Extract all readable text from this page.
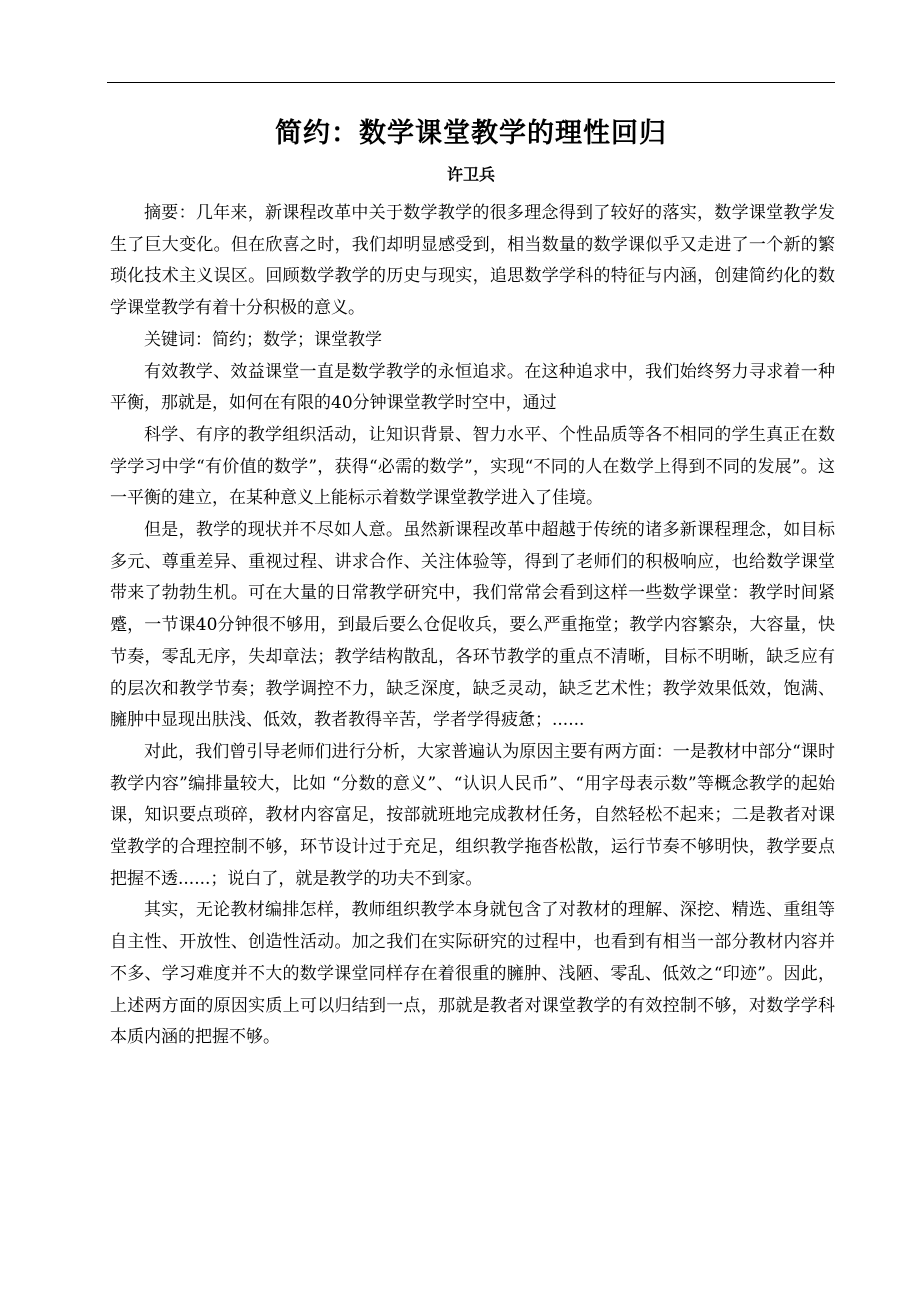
简约：数学课堂教学的理性回归
许卫兵

摘要：几年来，新课程改革中关于数学教学的很多理念得到了较好的落实，数学课堂教学发生了巨大变化。但在欣喜之时，我们却明显感受到，相当数量的数学课似乎又走进了一个新的繁琐化技术主义误区。回顾数学教学的历史与现实，追思数学学科的特征与内涵，创建简约化的数学课堂教学有着十分积极的意义。

关键词：简约；数学；课堂教学

有效教学、效益课堂一直是数学教学的永恒追求。在这种追求中，我们始终努力寻求着一种平衡，那就是，如何在有限的40分钟课堂教学时空中，通过

科学、有序的教学组织活动，让知识背景、智力水平、个性品质等各不相同的学生真正在数学学习中学“有价值的数学”，获得“必需的数学”，实现“不同的人在数学上得到不同的发展”。这一平衡的建立，在某种意义上能标示着数学课堂教学进入了佳境。

但是，教学的现状并不尽如人意。虽然新课程改革中超越于传统的诸多新课程理念，如目标多元、尊重差异、重视过程、讲求合作、关注体验等，得到了老师们的积极响应，也给数学课堂带来了勃勃生机。可在大量的日常教学研究中，我们常常会看到这样一些数学课堂：教学时间紧蹙，一节课40分钟很不够用，到最后要么仓促收兵，要么严重拖堂；教学内容繁杂，大容量，快节奏，零乱无序，失却章法；教学结构散乱，各环节教学的重点不清晰，目标不明晰，缺乏应有的层次和教学节奏；教学调控不力，缺乏深度，缺乏灵动，缺乏艺术性；教学效果低效，饱满、臃肿中显现出肤浅、低效，教者教得辛苦，学者学得疲惫；......

对此，我们曾引导老师们进行分析，大家普遍认为原因主要有两方面：一是教材中部分“课时教学内容”编排量较大，比如 “分数的意义”、“认识人民币”、“用字母表示数”等概念教学的起始课，知识要点琐碎，教材内容富足，按部就班地完成教材任务，自然轻松不起来；二是教者对课堂教学的合理控制不够，环节设计过于充足，组织教学拖沓松散，运行节奏不够明快，教学要点把握不透......；说白了，就是教学的功夫不到家。

其实，无论教材编排怎样，教师组织教学本身就包含了对教材的理解、深挖、精选、重组等自主性、开放性、创造性活动。加之我们在实际研究的过程中，也看到有相当一部分教材内容并不多、学习难度并不大的数学课堂同样存在着很重的臃肿、浅陋、零乱、低效之“印迹”。因此，上述两方面的原因实质上可以归结到一点，那就是教者对课堂教学的有效控制不够，对数学学科本质内涵的把握不够。
